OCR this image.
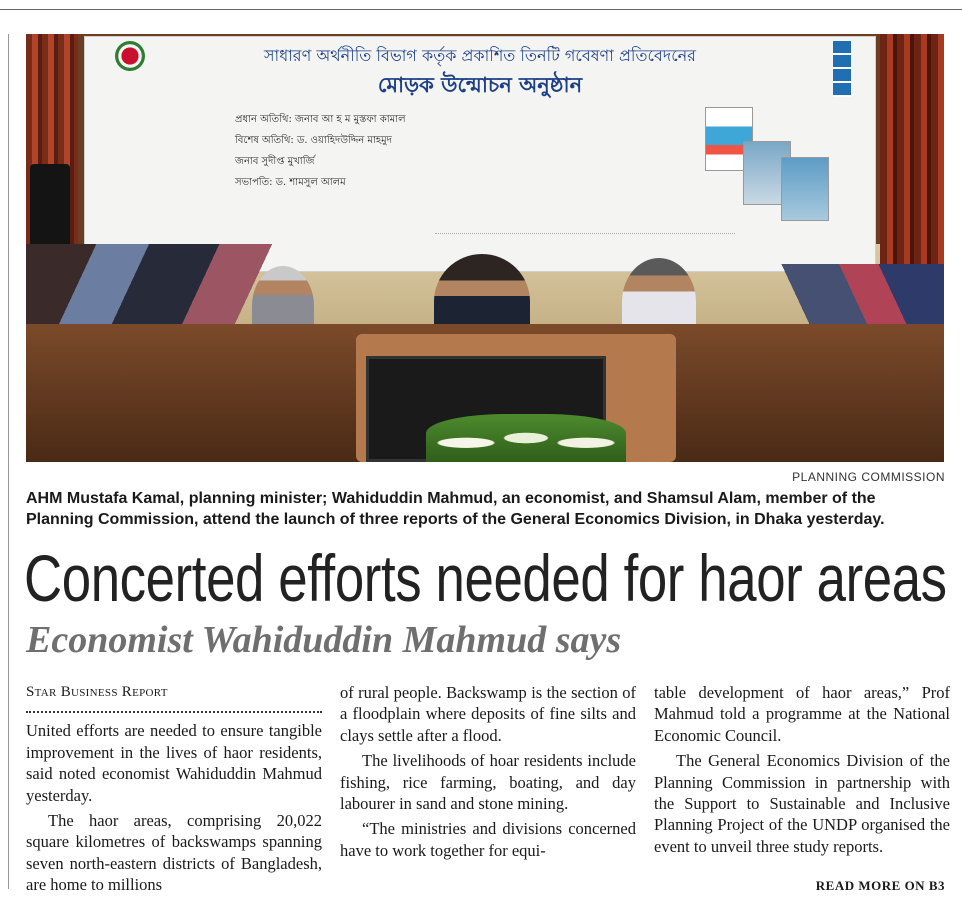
সাধারণ অর্থনীতি বিভাগ কর্তৃক প্রকাশিত তিনটি গবেষণা প্রতিবেদনের
মোড়ক উন্মোচন অনুষ্ঠান
প্রধান অতিথি: জনাব আ হ ম মুস্তফা কামাল
বিশেষ অতিথি: ড. ওয়াহিদউদ্দিন মাহমুদ
জনাব সুদীপ্ত মুখার্জি
সভাপতি: ড. শামসুল আলম
PLANNING COMMISSION
AHM Mustafa Kamal, planning minister; Wahiduddin Mahmud, an economist, and Shamsul Alam, member of the Planning Commission, attend the launch of three reports of the General Economics Division, in Dhaka yesterday.
Concerted efforts needed for haor areas
Economist Wahiduddin Mahmud says
Star Business Report

United efforts are needed to ensure tangible improvement in the lives of haor residents, said noted economist Wahiduddin Mahmud yesterday.

The haor areas, comprising 20,022 square kilometres of backswamps spanning seven north-eastern districts of Bangladesh, are home to millions

of rural people. Backswamp is the section of a floodplain where deposits of fine silts and clays settle after a flood.

The livelihoods of hoar residents include fishing, rice farming, boating, and day labourer in sand and stone mining.

“The ministries and divisions concerned have to work together for equi-

table development of haor areas,” Prof Mahmud told a programme at the National Economic Council.

The General Economics Division of the Planning Commission in partnership with the Support to Sustainable and Inclusive Planning Project of the UNDP organised the event to unveil three study reports.

READ MORE ON B3
